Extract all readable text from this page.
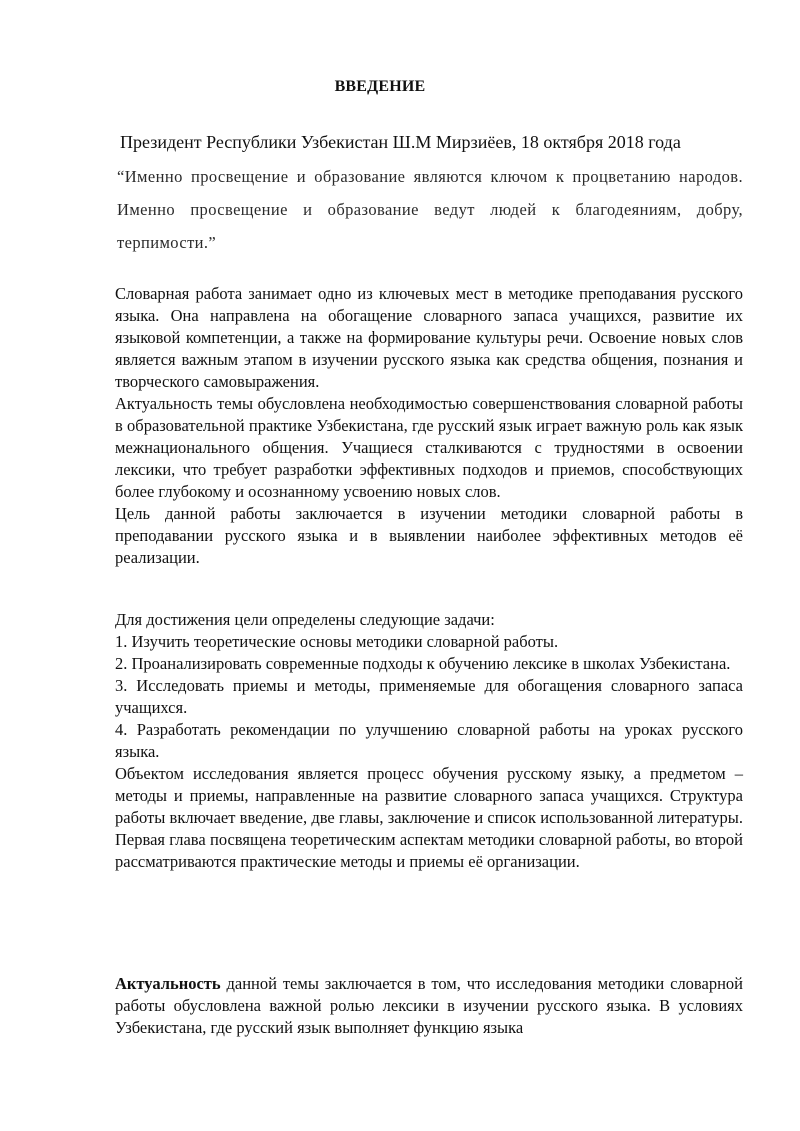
ВВЕДЕНИЕ
Президент Республики Узбекистан Ш.М Мирзиёев, 18 октября 2018 года
“Именно просвещение и образование являются ключом к процветанию народов. Именно просвещение и образование ведут людей к благодеяниям, добру, терпимости.”

Словарная работа занимает одно из ключевых мест в методике преподавания русского языка. Она направлена на обогащение словарного запаса учащихся, развитие их языковой компетенции, а также на формирование культуры речи. Освоение новых слов является важным этапом в изучении русского языка как средства общения, познания и творческого самовыражения.

Актуальность темы обусловлена необходимостью совершенствования словарной работы в образовательной практике Узбекистана, где русский язык играет важную роль как язык межнационального общения. Учащиеся сталкиваются с трудностями в освоении лексики, что требует разработки эффективных подходов и приемов, способствующих более глубокому и осознанному усвоению новых слов.

Цель данной работы заключается в изучении методики словарной работы в преподавании русского языка и в выявлении наиболее эффективных методов её реализации.

Для достижения цели определены следующие задачи:

1. Изучить теоретические основы методики словарной работы.

2. Проанализировать современные подходы к обучению лексике в школах Узбекистана.

3. Исследовать приемы и методы, применяемые для обогащения словарного запаса учащихся.

4. Разработать рекомендации по улучшению словарной работы на уроках русского языка.

Объектом исследования является процесс обучения русскому языку, а предметом – методы и приемы, направленные на развитие словарного запаса учащихся. Структура работы включает введение, две главы, заключение и список использованной литературы. Первая глава посвящена теоретическим аспектам методики словарной работы, во второй рассматриваются практические методы и приемы её организации.

Актуальность данной темы заключается в том, что исследования методики словарной работы обусловлена важной ролью лексики в изучении русского языка. В условиях Узбекистана, где русский язык выполняет функцию языка
